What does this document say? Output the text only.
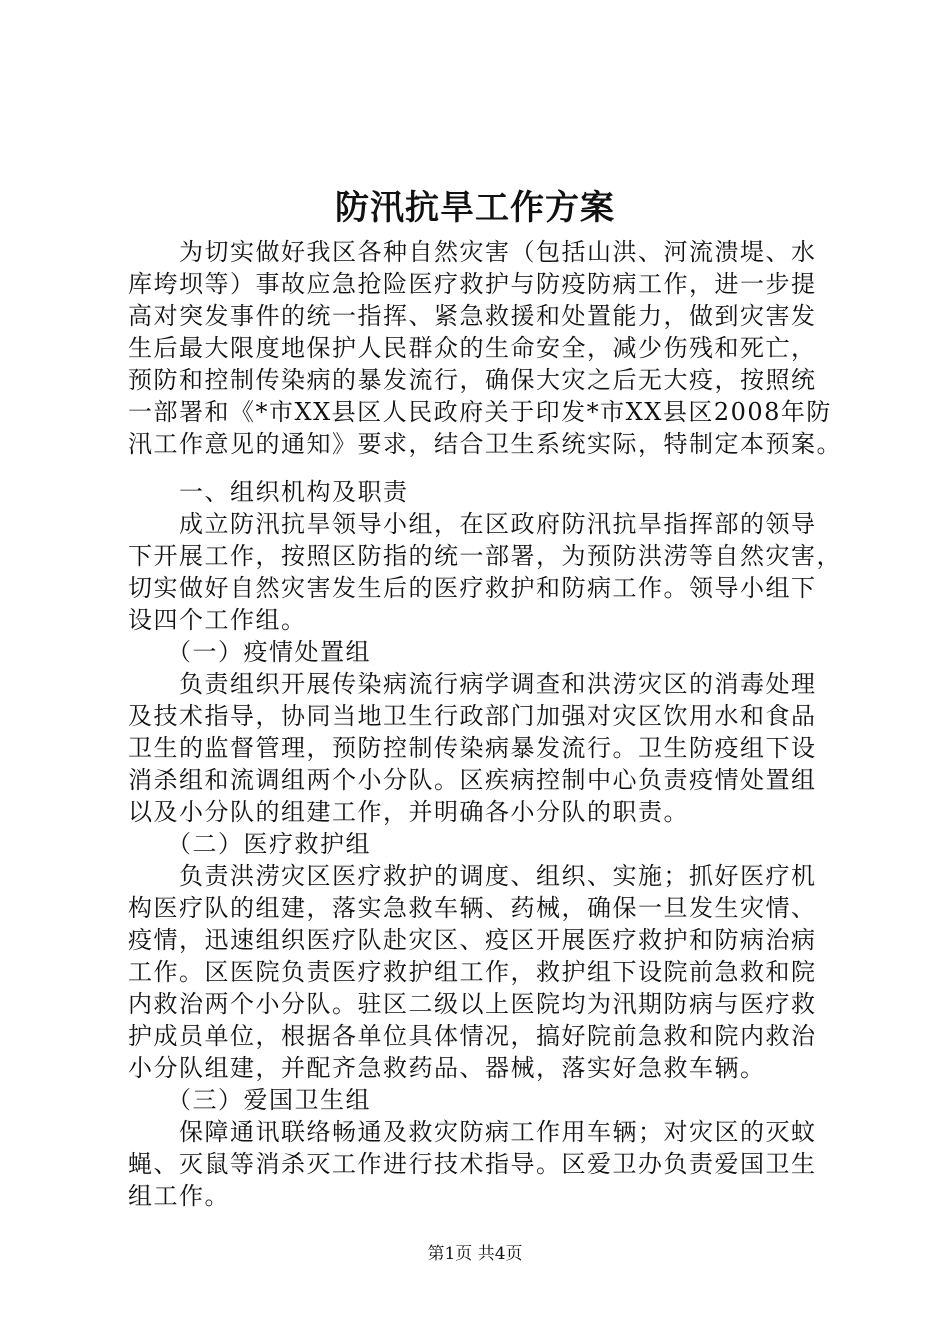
防汛抗旱工作方案
　　为切实做好我区各种自然灾害（包括山洪、河流溃堤、水
库垮坝等）事故应急抢险医疗救护与防疫防病工作，进一步提
高对突发事件的统一指挥、紧急救援和处置能力，做到灾害发
生后最大限度地保护人民群众的生命安全，减少伤残和死亡，
预防和控制传染病的暴发流行，确保大灾之后无大疫，按照统
一部署和《*市XX县区人民政府关于印发*市XX县区2008年防
汛工作意见的通知》要求，结合卫生系统实际，特制定本预案。
　　一、组织机构及职责
　　成立防汛抗旱领导小组，在区政府防汛抗旱指挥部的领导
下开展工作，按照区防指的统一部署，为预防洪涝等自然灾害，
切实做好自然灾害发生后的医疗救护和防病工作。领导小组下
设四个工作组。
　　（一）疫情处置组
　　负责组织开展传染病流行病学调查和洪涝灾区的消毒处理
及技术指导，协同当地卫生行政部门加强对灾区饮用水和食品
卫生的监督管理，预防控制传染病暴发流行。卫生防疫组下设
消杀组和流调组两个小分队。区疾病控制中心负责疫情处置组
以及小分队的组建工作，并明确各小分队的职责。
　　（二）医疗救护组
　　负责洪涝灾区医疗救护的调度、组织、实施；抓好医疗机
构医疗队的组建，落实急救车辆、药械，确保一旦发生灾情、
疫情，迅速组织医疗队赴灾区、疫区开展医疗救护和防病治病
工作。区医院负责医疗救护组工作，救护组下设院前急救和院
内救治两个小分队。驻区二级以上医院均为汛期防病与医疗救
护成员单位，根据各单位具体情况，搞好院前急救和院内救治
小分队组建，并配齐急救药品、器械，落实好急救车辆。
　　（三）爱国卫生组
　　保障通讯联络畅通及救灾防病工作用车辆；对灾区的灭蚊
蝇、灭鼠等消杀灭工作进行技术指导。区爱卫办负责爱国卫生
组工作。
第1页 共4页
